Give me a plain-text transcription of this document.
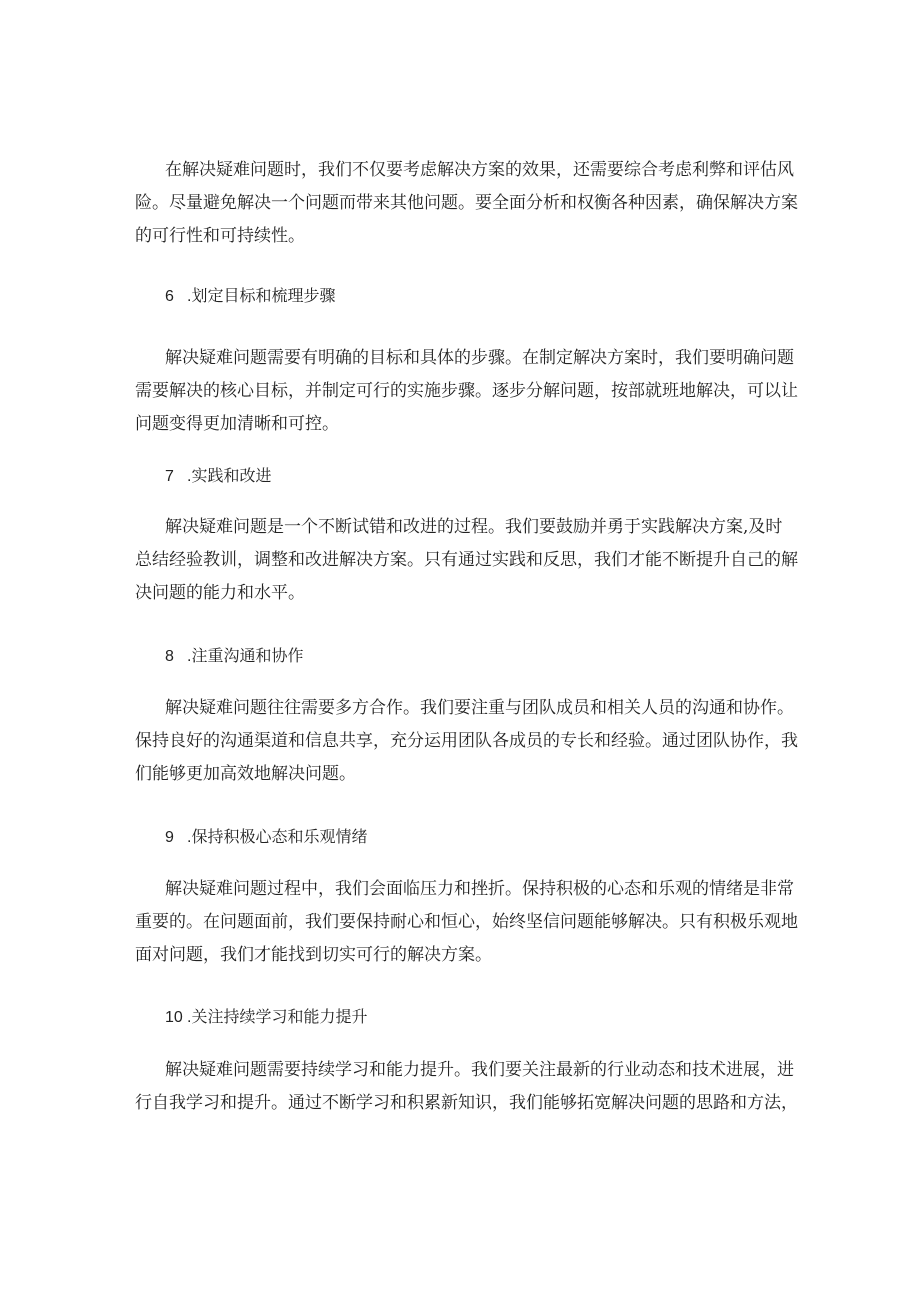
在解决疑难问题时，我们不仅要考虑解决方案的效果，还需要综合考虑利弊和评估风
险。尽量避免解决一个问题而带来其他问题。要全面分析和权衡各种因素，确保解决方案
的可行性和可持续性。
6 .划定目标和梳理步骤
解决疑难问题需要有明确的目标和具体的步骤。在制定解决方案时，我们要明确问题
需要解决的核心目标，并制定可行的实施步骤。逐步分解问题，按部就班地解决，可以让
问题变得更加清晰和可控。
7 .实践和改进
解决疑难问题是一个不断试错和改进的过程。我们要鼓励并勇于实践解决方案,及时
总结经验教训，调整和改进解决方案。只有通过实践和反思，我们才能不断提升自己的解
决问题的能力和水平。
8 .注重沟通和协作
解决疑难问题往往需要多方合作。我们要注重与团队成员和相关人员的沟通和协作。
保持良好的沟通渠道和信息共享，充分运用团队各成员的专长和经验。通过团队协作，我
们能够更加高效地解决问题。
9 .保持积极心态和乐观情绪
解决疑难问题过程中，我们会面临压力和挫折。保持积极的心态和乐观的情绪是非常
重要的。在问题面前，我们要保持耐心和恒心，始终坚信问题能够解决。只有积极乐观地
面对问题，我们才能找到切实可行的解决方案。
10 .关注持续学习和能力提升
解决疑难问题需要持续学习和能力提升。我们要关注最新的行业动态和技术进展，进
行自我学习和提升。通过不断学习和积累新知识，我们能够拓宽解决问题的思路和方法，
